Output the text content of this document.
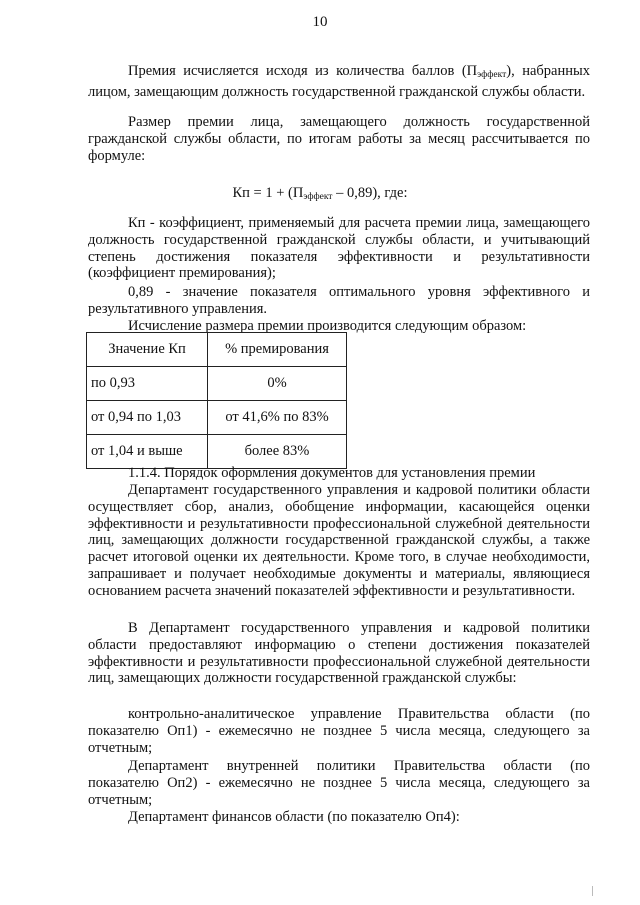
10

Премия исчисляется исходя из количества баллов $(П_{эффект})$, набранных лицом, замещающим должность государственной гражданской службы области.

Размер премии лица, замещающего должность государственной гражданской службы области, по итогам работы за месяц рассчитывается по формуле:

Кп = $1 + (П_{эффект} - 0,89)$, где:

Кп - коэффициент, применяемый для расчета премии лица, замещающего должность государственной гражданской службы области, и учитывающий степень достижения показателя эффективности и результативности (коэффициент премирования);

0,89 - значение показателя оптимального уровня эффективного и результативного управления.

Исчисление размера премии производится следующим образом:

Значение Кп	% премирования
по 0,93	0%
от 0,94 по 1,03	от 41,6% по 83%
от 1,04 и выше	более 83%

1.1.4. Порядок оформления документов для установления премии

Департамент государственного управления и кадровой политики области осуществляет сбор, анализ, обобщение информации, касающейся оценки эффективности и результативности профессиональной служебной деятельности лиц, замещающих должности государственной гражданской службы, а также расчет итоговой оценки их деятельности. Кроме того, в случае необходимости, запрашивает и получает необходимые документы и материалы, являющиеся основанием расчета значений показателей эффективности и результативности.

В Департамент государственного управления и кадровой политики области предоставляют информацию о степени достижения показателей эффективности и результативности профессиональной служебной деятельности лиц, замещающих должности государственной гражданской службы:

контрольно-аналитическое управление Правительства области (по показателю Оп1) - ежемесячно не позднее 5 числа месяца, следующего за отчетным;

Департамент внутренней политики Правительства области (по показателю Оп2) - ежемесячно не позднее 5 числа месяца, следующего за отчетным;

Департамент финансов области (по показателю Оп4):
